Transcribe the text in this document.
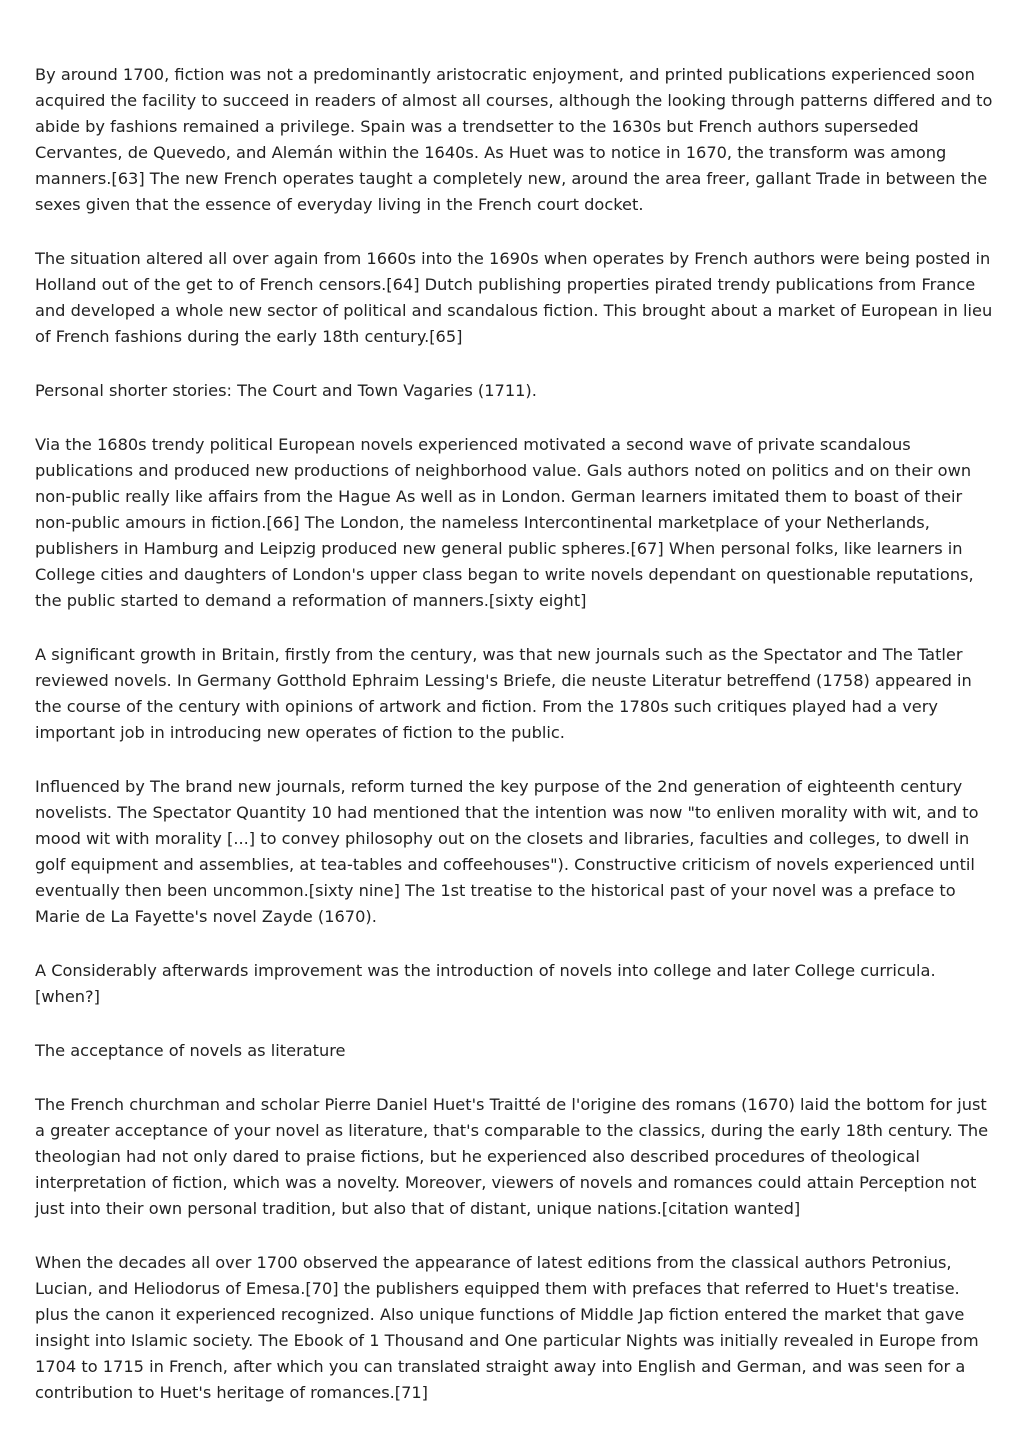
By around 1700, fiction was not a predominantly aristocratic enjoyment, and printed publications experienced soon acquired the facility to succeed in readers of almost all courses, although the looking through patterns differed and to abide by fashions remained a privilege. Spain was a trendsetter to the 1630s but French authors superseded Cervantes, de Quevedo, and Alemán within the 1640s. As Huet was to notice in 1670, the transform was among manners.[63] The new French operates taught a completely new, around the area freer, gallant Trade in between the sexes given that the essence of everyday living in the French court docket.

The situation altered all over again from 1660s into the 1690s when operates by French authors were being posted in Holland out of the get to of French censors.[64] Dutch publishing properties pirated trendy publications from France and developed a whole new sector of political and scandalous fiction. This brought about a market of European in lieu of French fashions during the early 18th century.[65]

Personal shorter stories: The Court and Town Vagaries (1711).

Via the 1680s trendy political European novels experienced motivated a second wave of private scandalous publications and produced new productions of neighborhood value. Gals authors noted on politics and on their own non-public really like affairs from the Hague As well as in London. German learners imitated them to boast of their non-public amours in fiction.[66] The London, the nameless Intercontinental marketplace of your Netherlands, publishers in Hamburg and Leipzig produced new general public spheres.[67] When personal folks, like learners in College cities and daughters of London's upper class began to write novels dependant on questionable reputations, the public started to demand a reformation of manners.[sixty eight]

A significant growth in Britain, firstly from the century, was that new journals such as the Spectator and The Tatler reviewed novels. In Germany Gotthold Ephraim Lessing's Briefe, die neuste Literatur betreffend (1758) appeared in the course of the century with opinions of artwork and fiction. From the 1780s such critiques played had a very important job in introducing new operates of fiction to the public.

Influenced by The brand new journals, reform turned the key purpose of the 2nd generation of eighteenth century novelists. The Spectator Quantity 10 had mentioned that the intention was now "to enliven morality with wit, and to mood wit with morality [...] to convey philosophy out on the closets and libraries, faculties and colleges, to dwell in golf equipment and assemblies, at tea-tables and coffeehouses"). Constructive criticism of novels experienced until eventually then been uncommon.[sixty nine] The 1st treatise to the historical past of your novel was a preface to Marie de La Fayette's novel Zayde (1670).

A Considerably afterwards improvement was the introduction of novels into college and later College curricula.[when?]

The acceptance of novels as literature

The French churchman and scholar Pierre Daniel Huet's Traitté de l'origine des romans (1670) laid the bottom for just a greater acceptance of your novel as literature, that's comparable to the classics, during the early 18th century. The theologian had not only dared to praise fictions, but he experienced also described procedures of theological interpretation of fiction, which was a novelty. Moreover, viewers of novels and romances could attain Perception not just into their own personal tradition, but also that of distant, unique nations.[citation wanted]

When the decades all over 1700 observed the appearance of latest editions from the classical authors Petronius, Lucian, and Heliodorus of Emesa.[70] the publishers equipped them with prefaces that referred to Huet's treatise. plus the canon it experienced recognized. Also unique functions of Middle Jap fiction entered the market that gave insight into Islamic society. The Ebook of 1 Thousand and One particular Nights was initially revealed in Europe from 1704 to 1715 in French, after which you can translated straight away into English and German, and was seen for a contribution to Huet's heritage of romances.[71]
